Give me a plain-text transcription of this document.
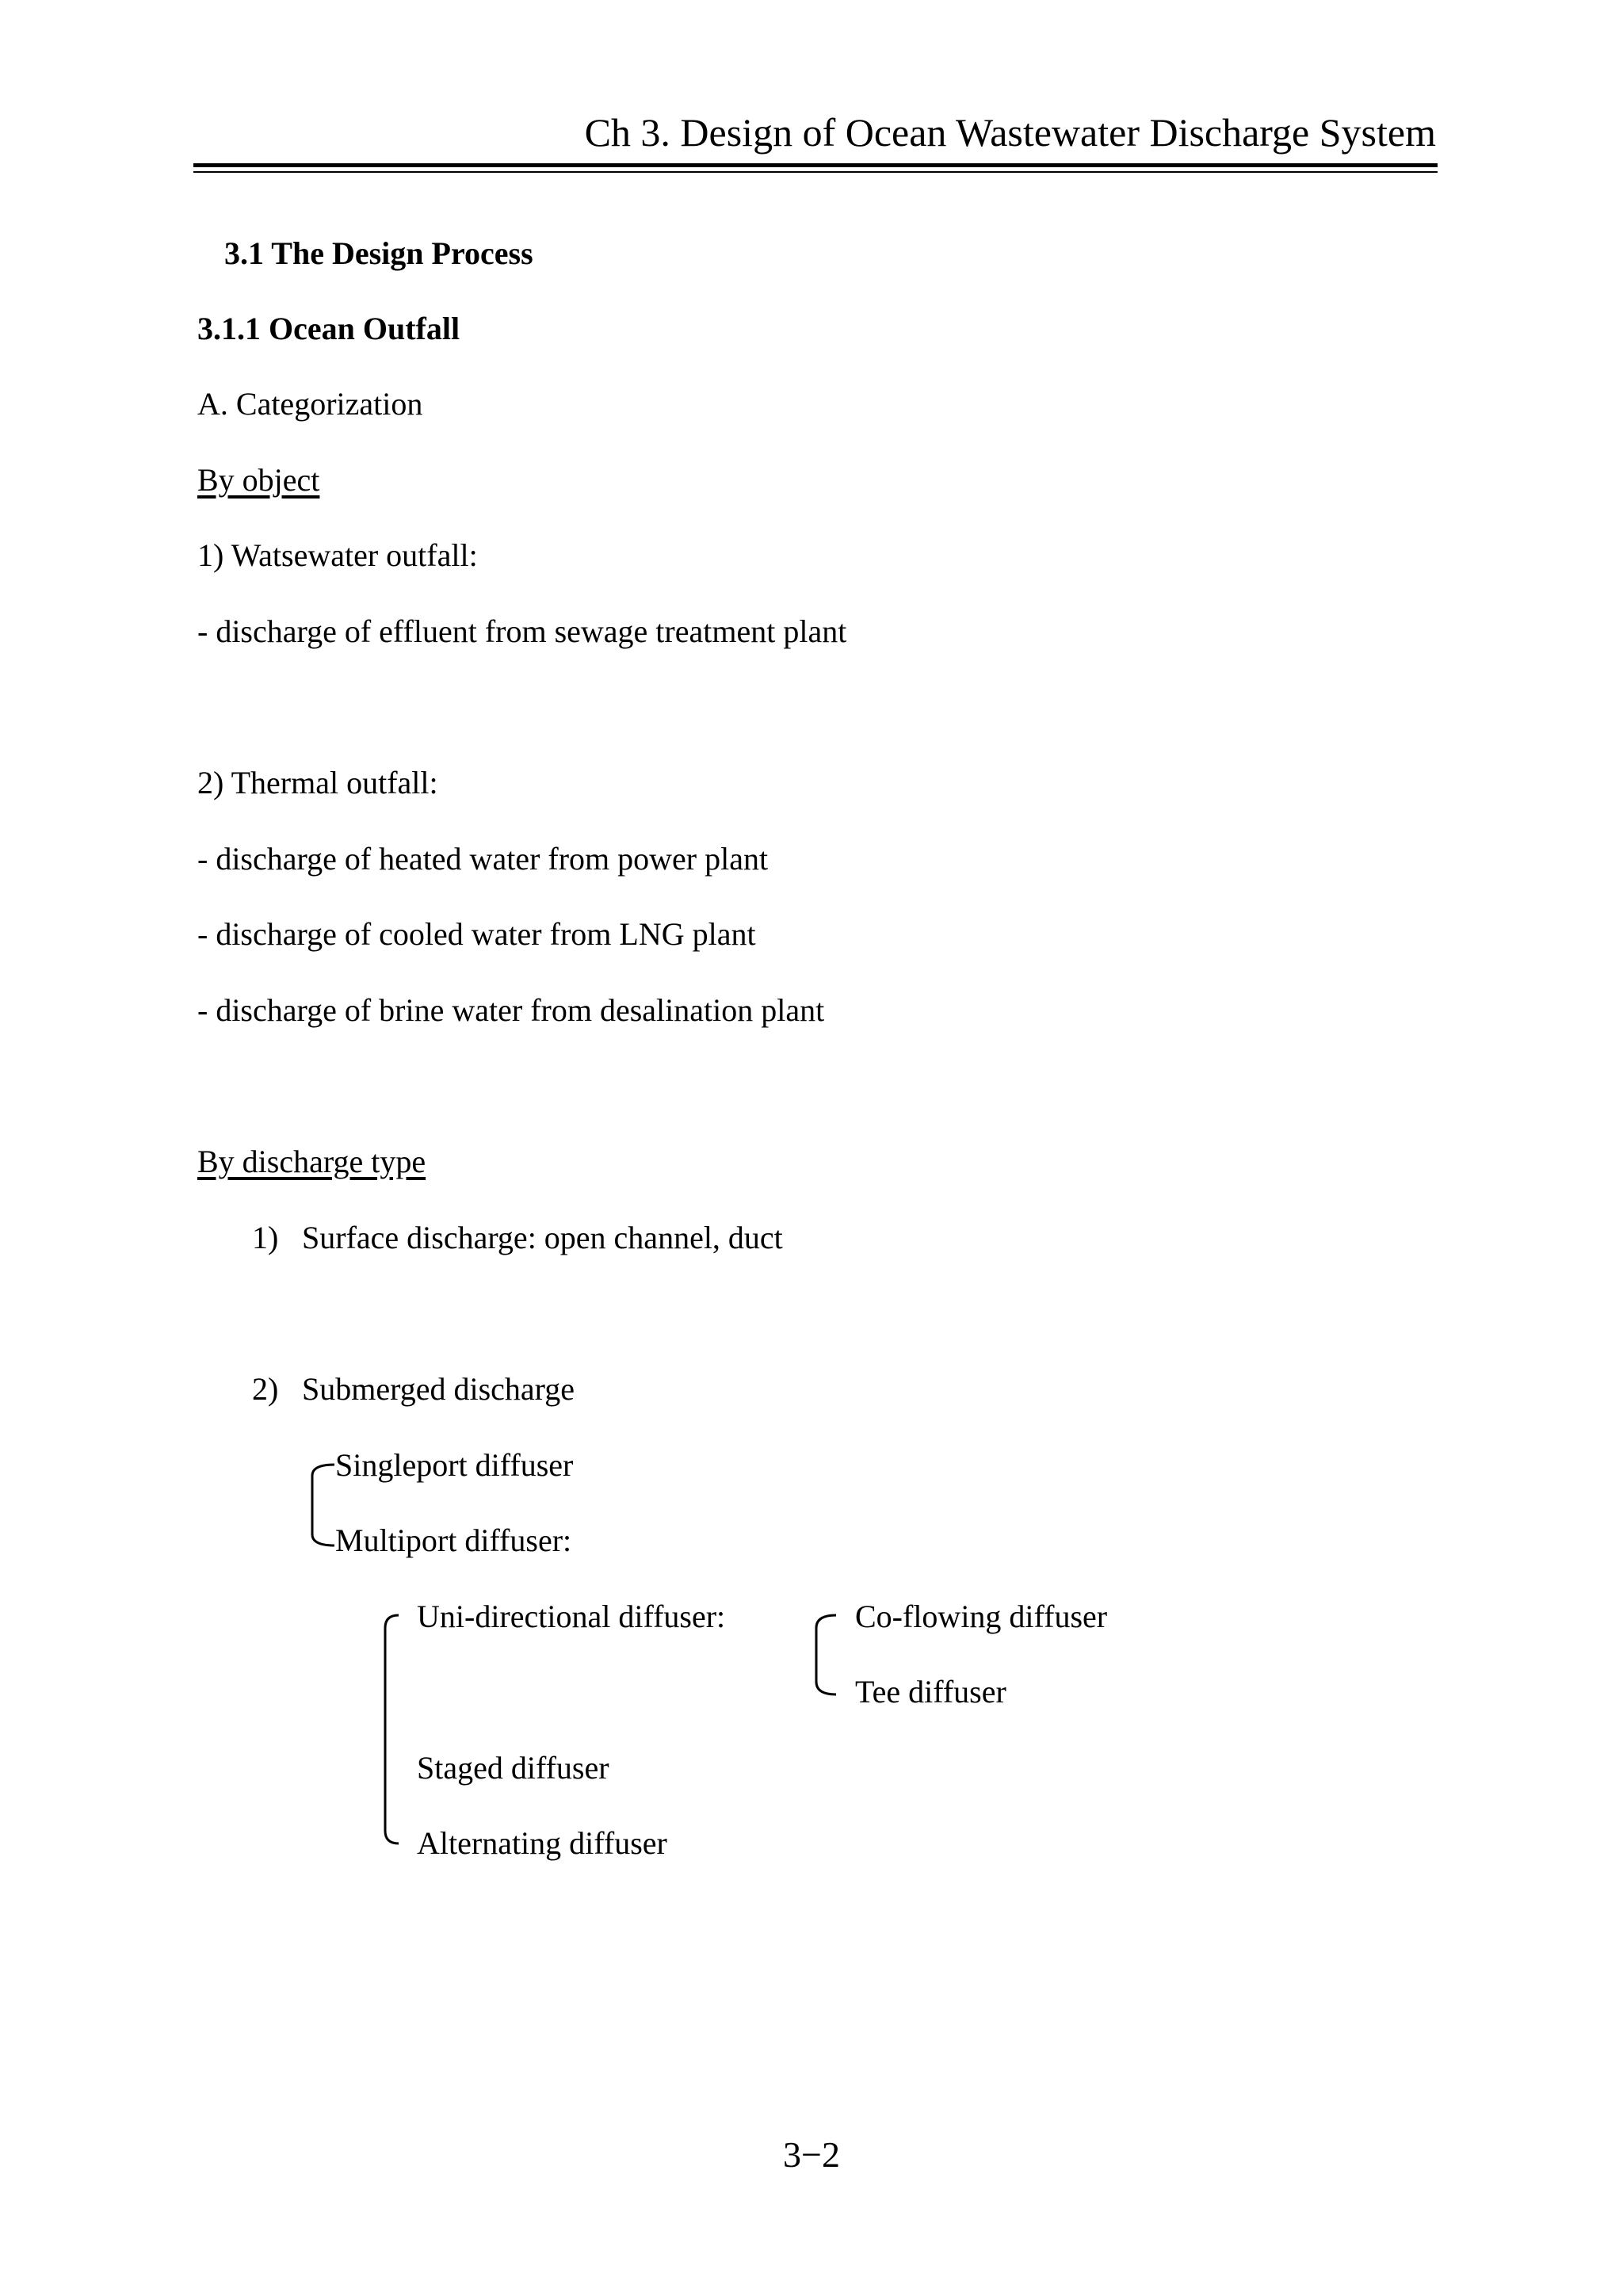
Ch 3. Design of Ocean Wastewater Discharge System
3.1 The Design Process
3.1.1 Ocean Outfall
A. Categorization
By object
1) Watsewater outfall:
- discharge of effluent from sewage treatment plant
2) Thermal outfall:
- discharge of heated water from power plant
- discharge of cooled water from LNG plant
- discharge of brine water from desalination plant
By discharge type
1) Surface discharge: open channel, duct
2) Submerged discharge
Singleport diffuser
Multiport diffuser:
Uni-directional diffuser:	Co-flowing diffuser
Tee diffuser
Staged diffuser
Alternating diffuser
3−2
